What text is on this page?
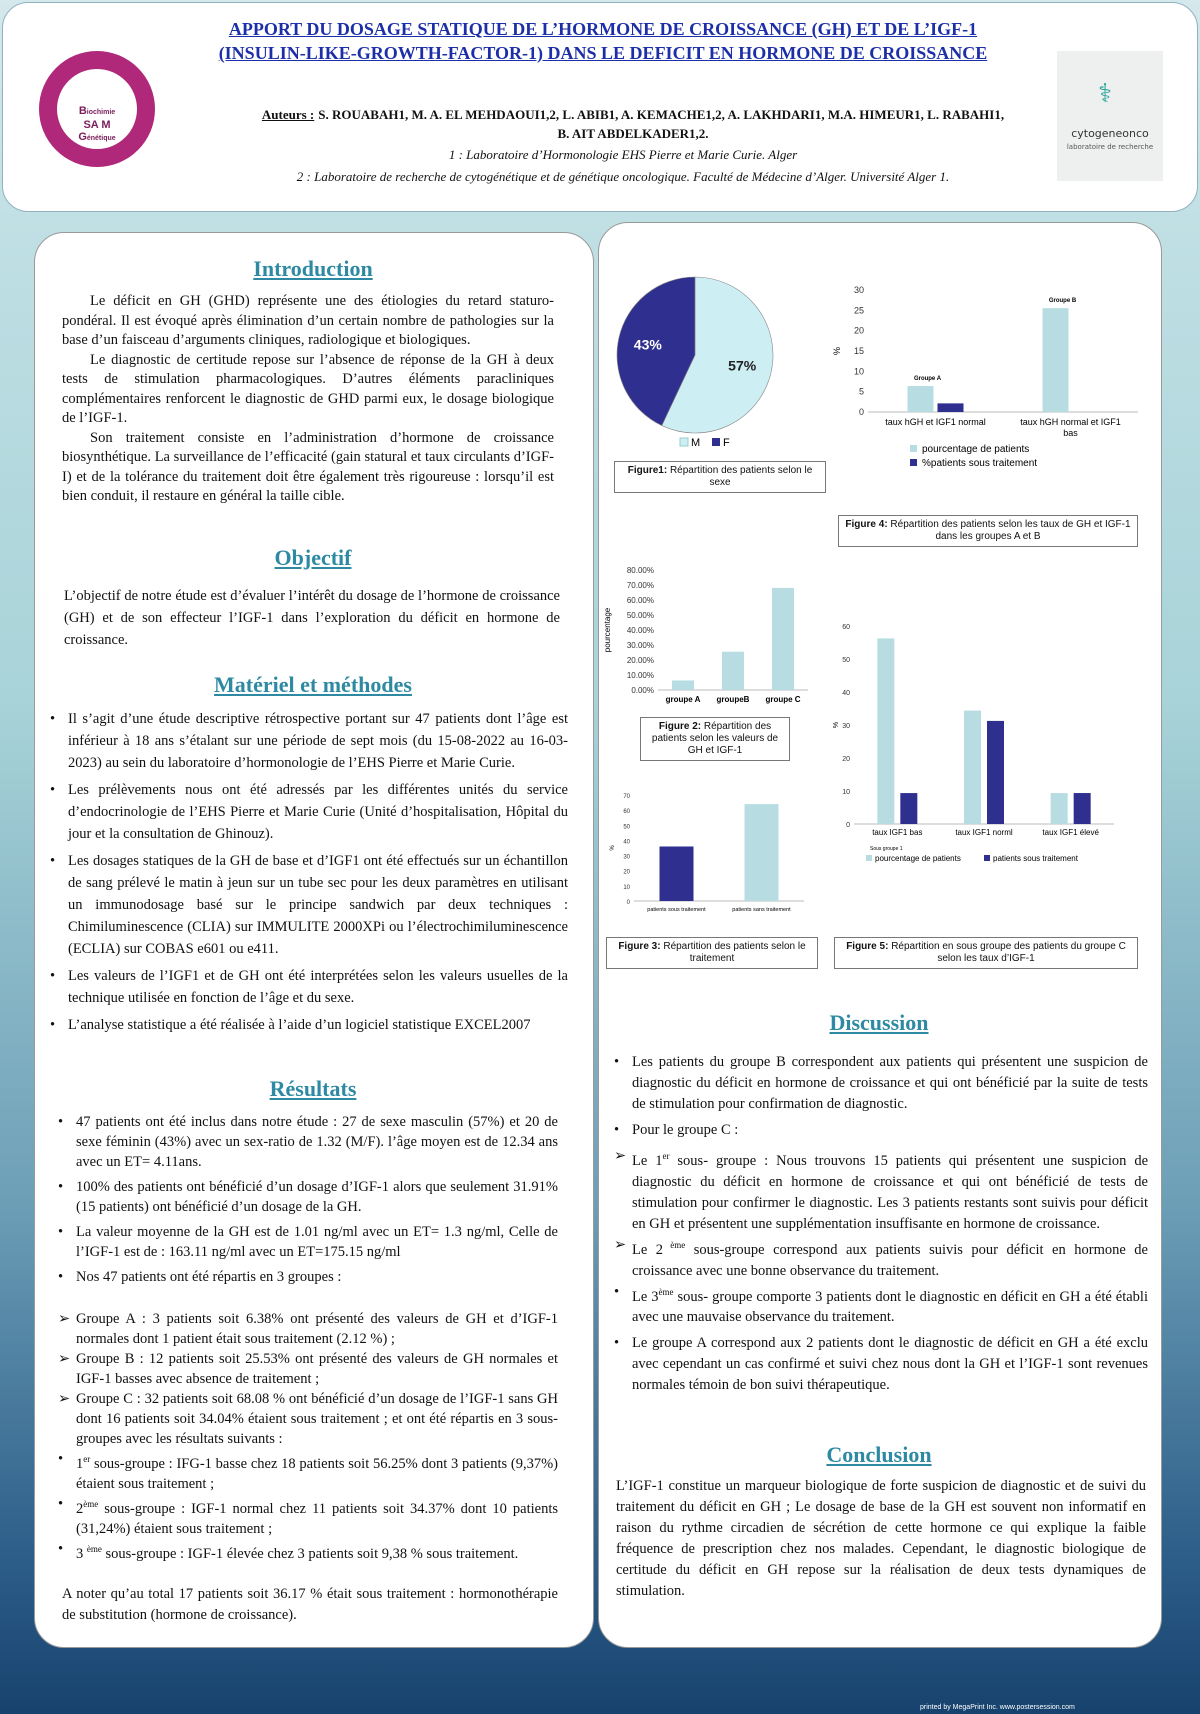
Biochimie
SA M
Génétique
APPORT DU DOSAGE STATIQUE DE L’HORMONE DE CROISSANCE (GH) ET DE L’IGF-1
(INSULIN-LIKE-GROWTH-FACTOR-1) DANS LE DEFICIT EN HORMONE DE CROISSANCE
Auteurs : S. ROUABAH1, M. A. EL MEHDAOUI1,2, L. ABIB1, A. KEMACHE1,2, A. LAKHDARI1, M.A. HIMEUR1, L. RABAHI1,
B. AIT ABDELKADER1,2.
1 : Laboratoire d’Hormonologie EHS Pierre et Marie Curie. Alger
2 : Laboratoire de recherche de cytogénétique et de génétique oncologique. Faculté de Médecine d’Alger. Université Alger 1.
⚕
cytogeneonco
laboratoire de recherche
Introduction

Le déficit en GH (GHD) représente une des étiologies du retard staturo-pondéral. Il est évoqué après élimination d’un certain nombre de pathologies sur la base d’un faisceau d’arguments cliniques, radiologique et biologiques.

Le diagnostic de certitude repose sur l’absence de réponse de la GH à deux tests de stimulation pharmacologiques. D’autres éléments paracliniques complémentaires renforcent le diagnostic de GHD parmi eux, le dosage biologique de l’IGF-1.

Son traitement consiste en l’administration d’hormone de croissance biosynthétique. La surveillance de l’efficacité (gain statural et taux circulants d’IGF-I) et de la tolérance du traitement doit être également très rigoureuse : lorsqu’il est bien conduit, il restaure en général la taille cible.

Objectif
L’objectif de notre étude est d’évaluer l’intérêt du dosage de l’hormone de croissance (GH) et de son effecteur l’IGF-1 dans l’exploration du déficit en hormone de croissance.
Matériel et méthodes
• Il s’agit d’une étude descriptive rétrospective portant sur 47 patients dont l’âge est inférieur à 18 ans s’étalant sur une période de sept mois (du 15-08-2022 au 16-03-2023) au sein du laboratoire d’hormonologie de l’EHS Pierre et Marie Curie.
• Les prélèvements nous ont été adressés par les différentes unités du service d’endocrinologie de l’EHS Pierre et Marie Curie (Unité d’hospitalisation, Hôpital du jour et la consultation de Ghinouz).
• Les dosages statiques de la GH de base et d’IGF1 ont été effectués sur un échantillon de sang prélevé le matin à jeun sur un tube sec pour les deux paramètres en utilisant un immunodosage basé sur le principe sandwich par deux techniques : Chimiluminescence (CLIA) sur IMMULITE 2000XPi ou l’électrochimiluminescence (ECLIA) sur COBAS e601 ou e411.
• Les valeurs de l’IGF1 et de GH ont été interprétées selon les valeurs usuelles de la technique utilisée en fonction de l’âge et du sexe.
• L’analyse statistique a été réalisée à l’aide d’un logiciel statistique EXCEL2007
Résultats
• 47 patients ont été inclus dans notre étude : 27 de sexe masculin (57%) et 20 de sexe féminin (43%) avec un sex-ratio de 1.32 (M/F). l’âge moyen est de 12.34 ans avec un ET= 4.11ans.
• 100% des patients ont bénéficié d’un dosage d’IGF-1 alors que seulement 31.91% (15 patients) ont bénéficié d’un dosage de la GH.
• La valeur moyenne de la GH est de 1.01 ng/ml avec un ET= 1.3 ng/ml, Celle de l’IGF-1 est de : 163.11 ng/ml avec un ET=175.15 ng/ml
• Nos 47 patients ont été répartis en 3 groupes :
➢ Groupe A : 3 patients soit 6.38% ont présenté des valeurs de GH et d’IGF-1 normales dont 1 patient était sous traitement (2.12 %) ;
➢ Groupe B : 12 patients soit 25.53% ont présenté des valeurs de GH normales et IGF-1 basses avec absence de traitement ;
➢ Groupe C : 32 patients soit 68.08 % ont bénéficié d’un dosage de l’IGF-1 sans GH dont 16 patients soit 34.04% étaient sous traitement ; et ont été répartis en 3 sous-groupes avec les résultats suivants :
• 1er sous-groupe : IFG-1 basse chez 18 patients soit 56.25% dont 3 patients (9,37%) étaient sous traitement ;
• 2ème sous-groupe : IGF-1 normal chez 11 patients soit 34.37% dont 10 patients (31,24%) étaient sous traitement ;
• 3 $^{ème}$ sous-groupe : IGF-1 élevée chez 3 patients soit 9,38 % sous traitement.
A noter qu’au total 17 patients soit 36.17 % était sous traitement : hormonothérapie de substitution (hormone de croissance).
57%
43%
M F
Figure1: Répartition des patients selon le sexe
0
5
10
15
20
25
30
%
taux hGH et IGF1 normal	taux hGH normal et IGF1
bas
Groupe A
Groupe B
pourcentage de patients
%patients sous traitement
Figure 4: Répartition des patients selon les taux de GH et IGF-1 dans les groupes A et B
0.00%
10.00%
20.00%
30.00%
40.00%
50.00%
60.00%
70.00%
80.00%
pourcentage
groupe A groupeB groupe C
Figure 2: Répartition des patients selon les valeurs de GH et IGF-1
0
10
20
30
40
50
60
70
%
patients sous traitement	patients sans traitement
Figure 3: Répartition des patients selon le traitement
0
10
20
30
40
50
60
%
taux IGF1 bas	taux IGF1 norml	taux IGF1 élevé
Sous groupe 1
pourcentage de patients	patients sous traitement
Figure 5: Répartition en sous groupe des patients du groupe C selon les taux d’IGF-1
Discussion
• Les patients du groupe B correspondent aux patients qui présentent une suspicion de diagnostic du déficit en hormone de croissance et qui ont bénéficié par la suite de tests de stimulation pour confirmation de diagnostic.
• Pour le groupe C :
➢ Le 1er sous- groupe : Nous trouvons 15 patients qui présentent une suspicion de diagnostic du déficit en hormone de croissance et qui ont bénéficié de tests de stimulation pour confirmer le diagnostic. Les 3 patients restants sont suivis pour déficit en GH et présentent une supplémentation insuffisante en hormone de croissance.
➢ Le 2 $^{ème}$ sous-groupe correspond aux patients suivis pour déficit en hormone de croissance avec une bonne observance du traitement.
• Le 3ème sous- groupe comporte 3 patients dont le diagnostic en déficit en GH a été établi avec une mauvaise observance du traitement.
• Le groupe A correspond aux 2 patients dont le diagnostic de déficit en GH a été exclu avec cependant un cas confirmé et suivi chez nous dont la GH et l’IGF-1 sont revenues normales témoin de bon suivi thérapeutique.
Conclusion
L’IGF-1 constitue un marqueur biologique de forte suspicion de diagnostic et de suivi du traitement du déficit en GH ; Le dosage de base de la GH est souvent non informatif en raison du rythme circadien de sécrétion de cette hormone ce qui explique la faible fréquence de prescription chez nos malades. Cependant, le diagnostic biologique de certitude du déficit en GH repose sur la réalisation de deux tests dynamiques de stimulation.
printed by MegaPrint Inc. www.postersession.com
